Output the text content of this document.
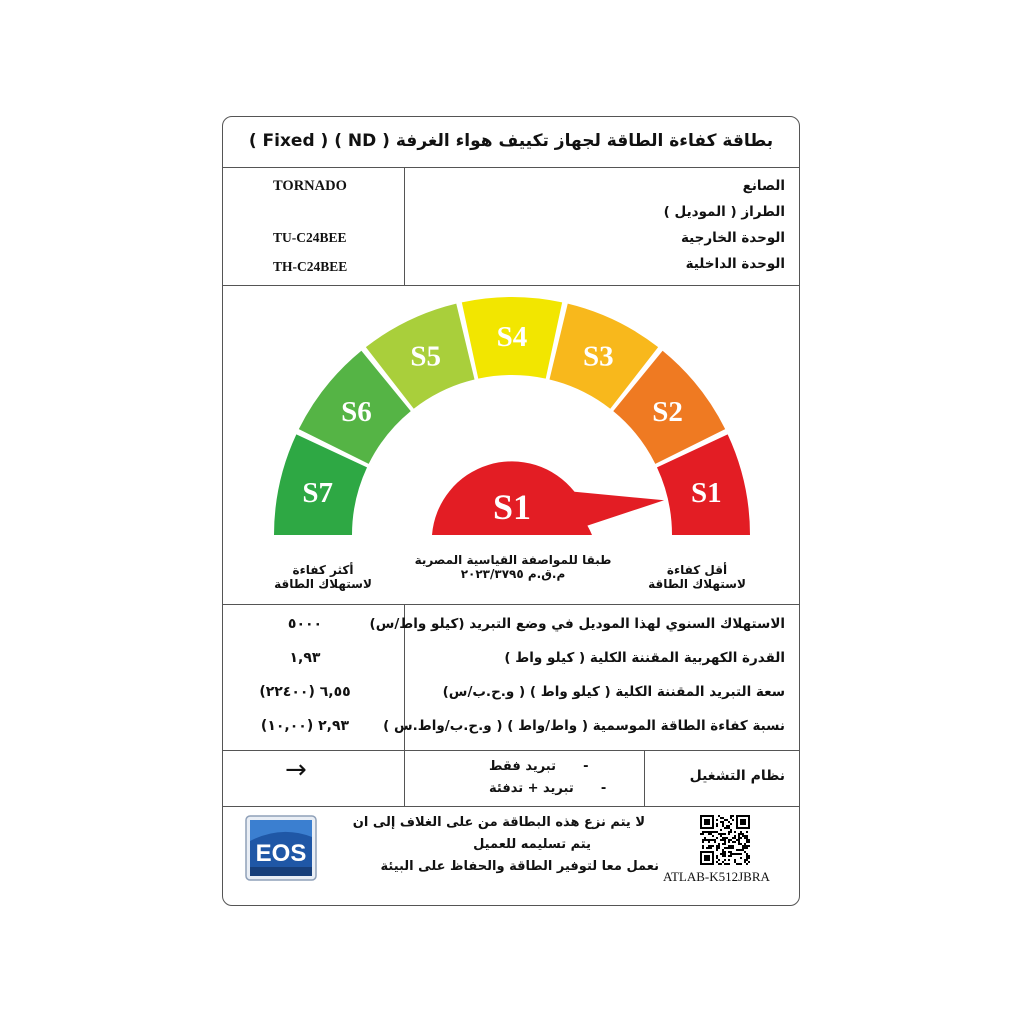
بطاقة كفاءة الطاقة لجهاز تكييف هواء الغرفة ( ND ) ( Fixed )
الصانع
الطراز ( الموديل )
الوحدة الخارجية
الوحدة الداخلية
TORNADO
TU-C24BEE
TH-C24BEE
S7
S6
S5
S4
S3
S2
S1
S1
أكثر كفاءة
لاستهلاك الطاقة
طبقا للمواصفة القياسية المصرية
م.ق.م ٢٠٢٣/٣٧٩٥	أقل كفاءة
لاستهلاك الطاقة
الاستهلاك السنوي لهذا الموديل في وضع التبريد (كيلو واط/س)
القدرة الكهربية المقننة الكلية ( كيلو واط )
سعة التبريد المقننة الكلية ( كيلو واط ) ( و.ح.ب/س)
نسبة كفاءة الطاقة الموسمية ( واط/واط ) ( و.ح.ب/واط.س )
٥٠٠٠
١,٩٣
٦,٥٥ (٢٢٤٠٠)
٢,٩٣ (١٠,٠٠)
نظام التشغيل
-      تبريد فقط
-      تبريد + تدفئة
→
EOS
لا يتم نزع هذه البطاقة من على الغلاف إلى ان
يتم تسليمه للعميل
نعمل معا لتوفير الطاقة والحفاظ على البيئة
ATLAB-K512JBRA
